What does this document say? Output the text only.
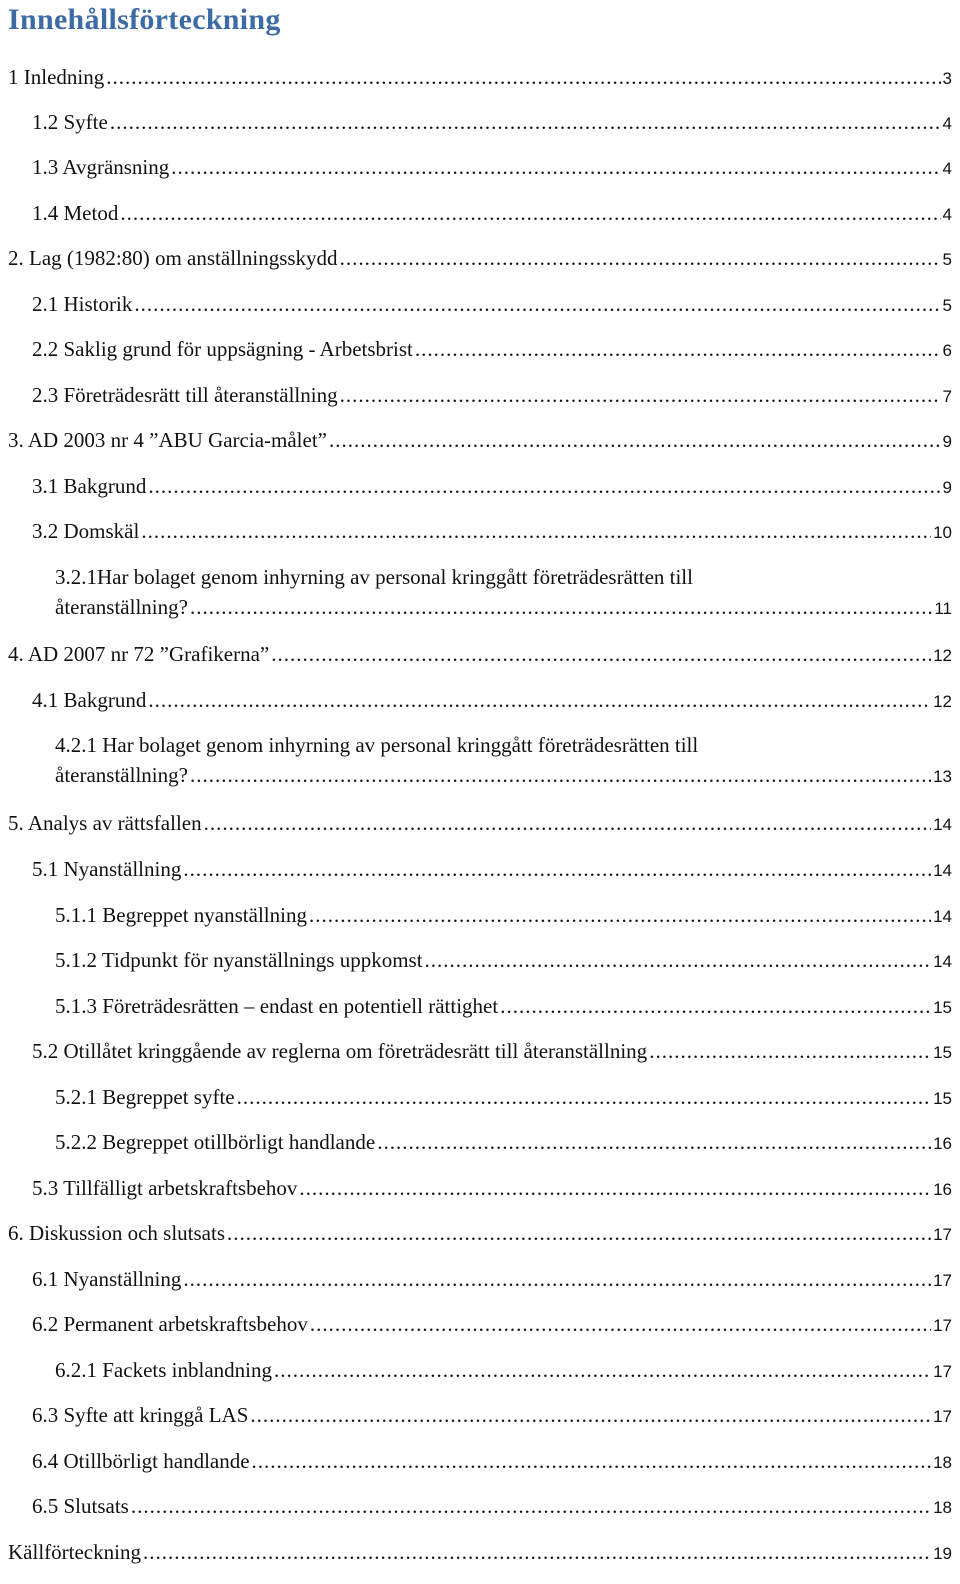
Innehållsförteckning
1 Inledning .....	3
1.2 Syfte .....	4
1.3 Avgränsning .....	4
1.4 Metod .....	4
2. Lag (1982:80) om anställningsskydd .....	5
2.1 Historik .....	5
2.2 Saklig grund för uppsägning - Arbetsbrist .....	6
2.3 Företrädesrätt till återanställning .....	7
3. AD 2003 nr 4 ”ABU Garcia-målet” .....	9
3.1 Bakgrund .....	9
3.2 Domskäl .....	10
3.2.1Har bolaget genom inhyrning av personal kringgått företrädesrätten till
återanställning? .....	11
4. AD 2007 nr 72 ”Grafikerna” .....	12
4.1 Bakgrund .....	12
4.2.1 Har bolaget genom inhyrning av personal kringgått företrädesrätten till
återanställning? .....	13
5. Analys av rättsfallen .....	14
5.1 Nyanställning .....	14
5.1.1 Begreppet nyanställning .....	14
5.1.2 Tidpunkt för nyanställnings uppkomst .....	14
5.1.3 Företrädesrätten – endast en potentiell rättighet .....	15
5.2 Otillåtet kringgående av reglerna om företrädesrätt till återanställning .....	15
5.2.1 Begreppet syfte .....	15
5.2.2 Begreppet otillbörligt handlande .....	16
5.3 Tillfälligt arbetskraftsbehov .....	16
6. Diskussion och slutsats .....	17
6.1 Nyanställning .....	17
6.2 Permanent arbetskraftsbehov .....	17
6.2.1 Fackets inblandning .....	17
6.3 Syfte att kringgå LAS .....	17
6.4 Otillbörligt handlande .....	18
6.5 Slutsats .....	18
Källförteckning .....	19
